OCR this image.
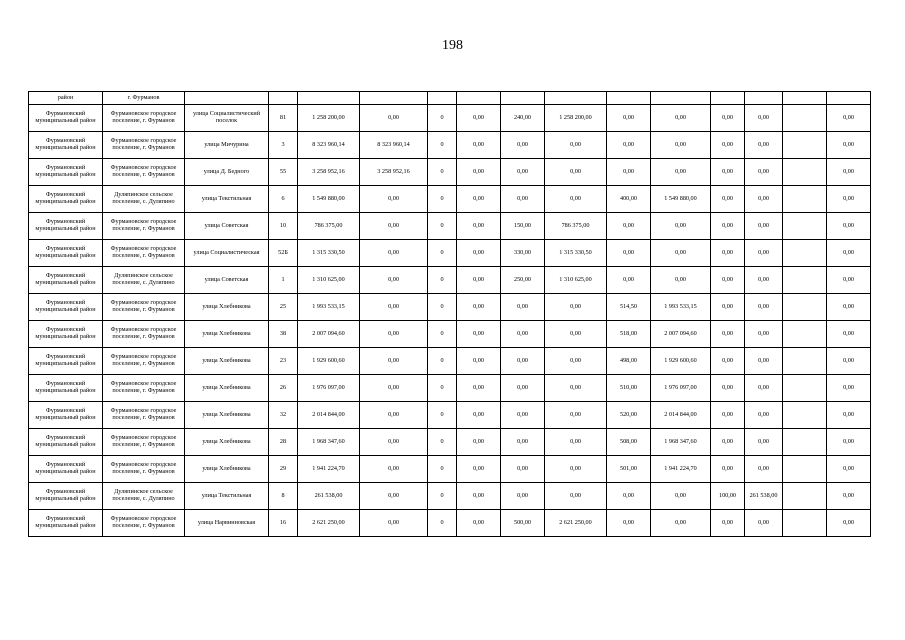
198
район	г. Фурманов														
Фурмановский муниципальный район	Фурмановское городское поселение, г. Фурманов	улица Социалистический поселок	81	1 258 200,00	0,00	0	0,00	240,00	1 258 200,00	0,00	0,00	0,00	0,00		0,00
Фурмановский муниципальный район	Фурмановское городское поселение, г. Фурманов	улица Мичурина	3	8 323 960,14	8 323 960,14	0	0,00	0,00	0,00	0,00	0,00	0,00	0,00		0,00
Фурмановский муниципальный район	Фурмановское городское поселение, г. Фурманов	улица Д. Бедного	55	3 258 952,16	3 258 952,16	0	0,00	0,00	0,00	0,00	0,00	0,00	0,00		0,00
Фурмановский муниципальный район	Дуляпинское сельское поселение, с. Дуляпино	улица Текстильная	6	1 549 880,00	0,00	0	0,00	0,00	0,00	400,00	1 549 880,00	0,00	0,00		0,00
Фурмановский муниципальный район	Фурмановское городское поселение, г. Фурманов	улица Советская	10	786 375,00	0,00	0	0,00	150,00	786 375,00	0,00	0,00	0,00	0,00		0,00
Фурмановский муниципальный район	Фурмановское городское поселение, г. Фурманов	улица Социалистическая	52Б	1 315 330,50	0,00	0	0,00	330,00	1 315 330,50	0,00	0,00	0,00	0,00		0,00
Фурмановский муниципальный район	Дуляпинское сельское поселение, с. Дуляпино	улица Советская	1	1 310 625,00	0,00	0	0,00	250,00	1 310 625,00	0,00	0,00	0,00	0,00		0,00
Фурмановский муниципальный район	Фурмановское городское поселение, г. Фурманов	улица Хлебникова	25	1 993 533,15	0,00	0	0,00	0,00	0,00	514,50	1 993 533,15	0,00	0,00		0,00
Фурмановский муниципальный район	Фурмановское городское поселение, г. Фурманов	улица Хлебникова	38	2 007 094,60	0,00	0	0,00	0,00	0,00	518,00	2 007 094,60	0,00	0,00		0,00
Фурмановский муниципальный район	Фурмановское городское поселение, г. Фурманов	улица Хлебникова	23	1 929 600,60	0,00	0	0,00	0,00	0,00	498,00	1 929 600,60	0,00	0,00		0,00
Фурмановский муниципальный район	Фурмановское городское поселение, г. Фурманов	улица Хлебникова	26	1 976 097,00	0,00	0	0,00	0,00	0,00	510,00	1 976 097,00	0,00	0,00		0,00
Фурмановский муниципальный район	Фурмановское городское поселение, г. Фурманов	улица Хлебникова	32	2 014 844,00	0,00	0	0,00	0,00	0,00	520,00	2 014 844,00	0,00	0,00		0,00
Фурмановский муниципальный район	Фурмановское городское поселение, г. Фурманов	улица Хлебникова	28	1 968 347,60	0,00	0	0,00	0,00	0,00	508,00	1 968 347,60	0,00	0,00		0,00
Фурмановский муниципальный район	Фурмановское городское поселение, г. Фурманов	улица Хлебникова	29	1 941 224,70	0,00	0	0,00	0,00	0,00	501,00	1 941 224,70	0,00	0,00		0,00
Фурмановский муниципальный район	Дуляпинское сельское поселение, с. Дуляпино	улица Текстильная	8	261 538,00	0,00	0	0,00	0,00	0,00	0,00	0,00	100,00	261 538,00		0,00
Фурмановский муниципальный район	Фурмановское городское поселение, г. Фурманов	улица Нарвинновская	16	2 621 250,00	0,00	0	0,00	500,00	2 621 250,00	0,00	0,00	0,00	0,00		0,00
